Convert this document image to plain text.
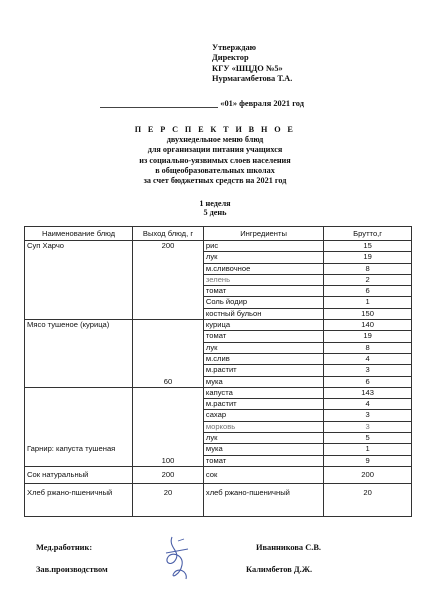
Утверждаю
Директор
КГУ «ШЦДО №5»
Нурмагамбетова Т.А.
«01» февраля 2021 год
П Е Р С П Е К Т И В Н О Е
двухнедельное меню блюд
для организации питания учащихся
из социально-уязвимых слоев населения
в общеобразовательных школах
за счет бюджетных средств на 2021 год
1 неделя
5 день
Наименование блюд	Выход блюд, г	Ингредиенты	Брутто,г
Суп Харчо	200	рис	15
		лук	19
		м.сливочное	8
		зелень	2
		томат	6
		Соль йодир	1
		костный бульон	150
Мясо тушеное (курица)	60	курица	140
		томат	19
		лук	8
		м.слив	4
		м.растит	3
		мука	6
Гарнир: капуста тушеная	100	капуста	143
		м.растит	4
		сахар	3
		морковь	3
		лук	5
		мука	1
		томат	9
Сок натуральный	200	сок	200
Хлеб ржано-пшеничный	20	хлеб ржано-пшеничный	20
Мед.работник:	Иванникова С.В.
Зав.производством	Калимбетов Д.Ж.
